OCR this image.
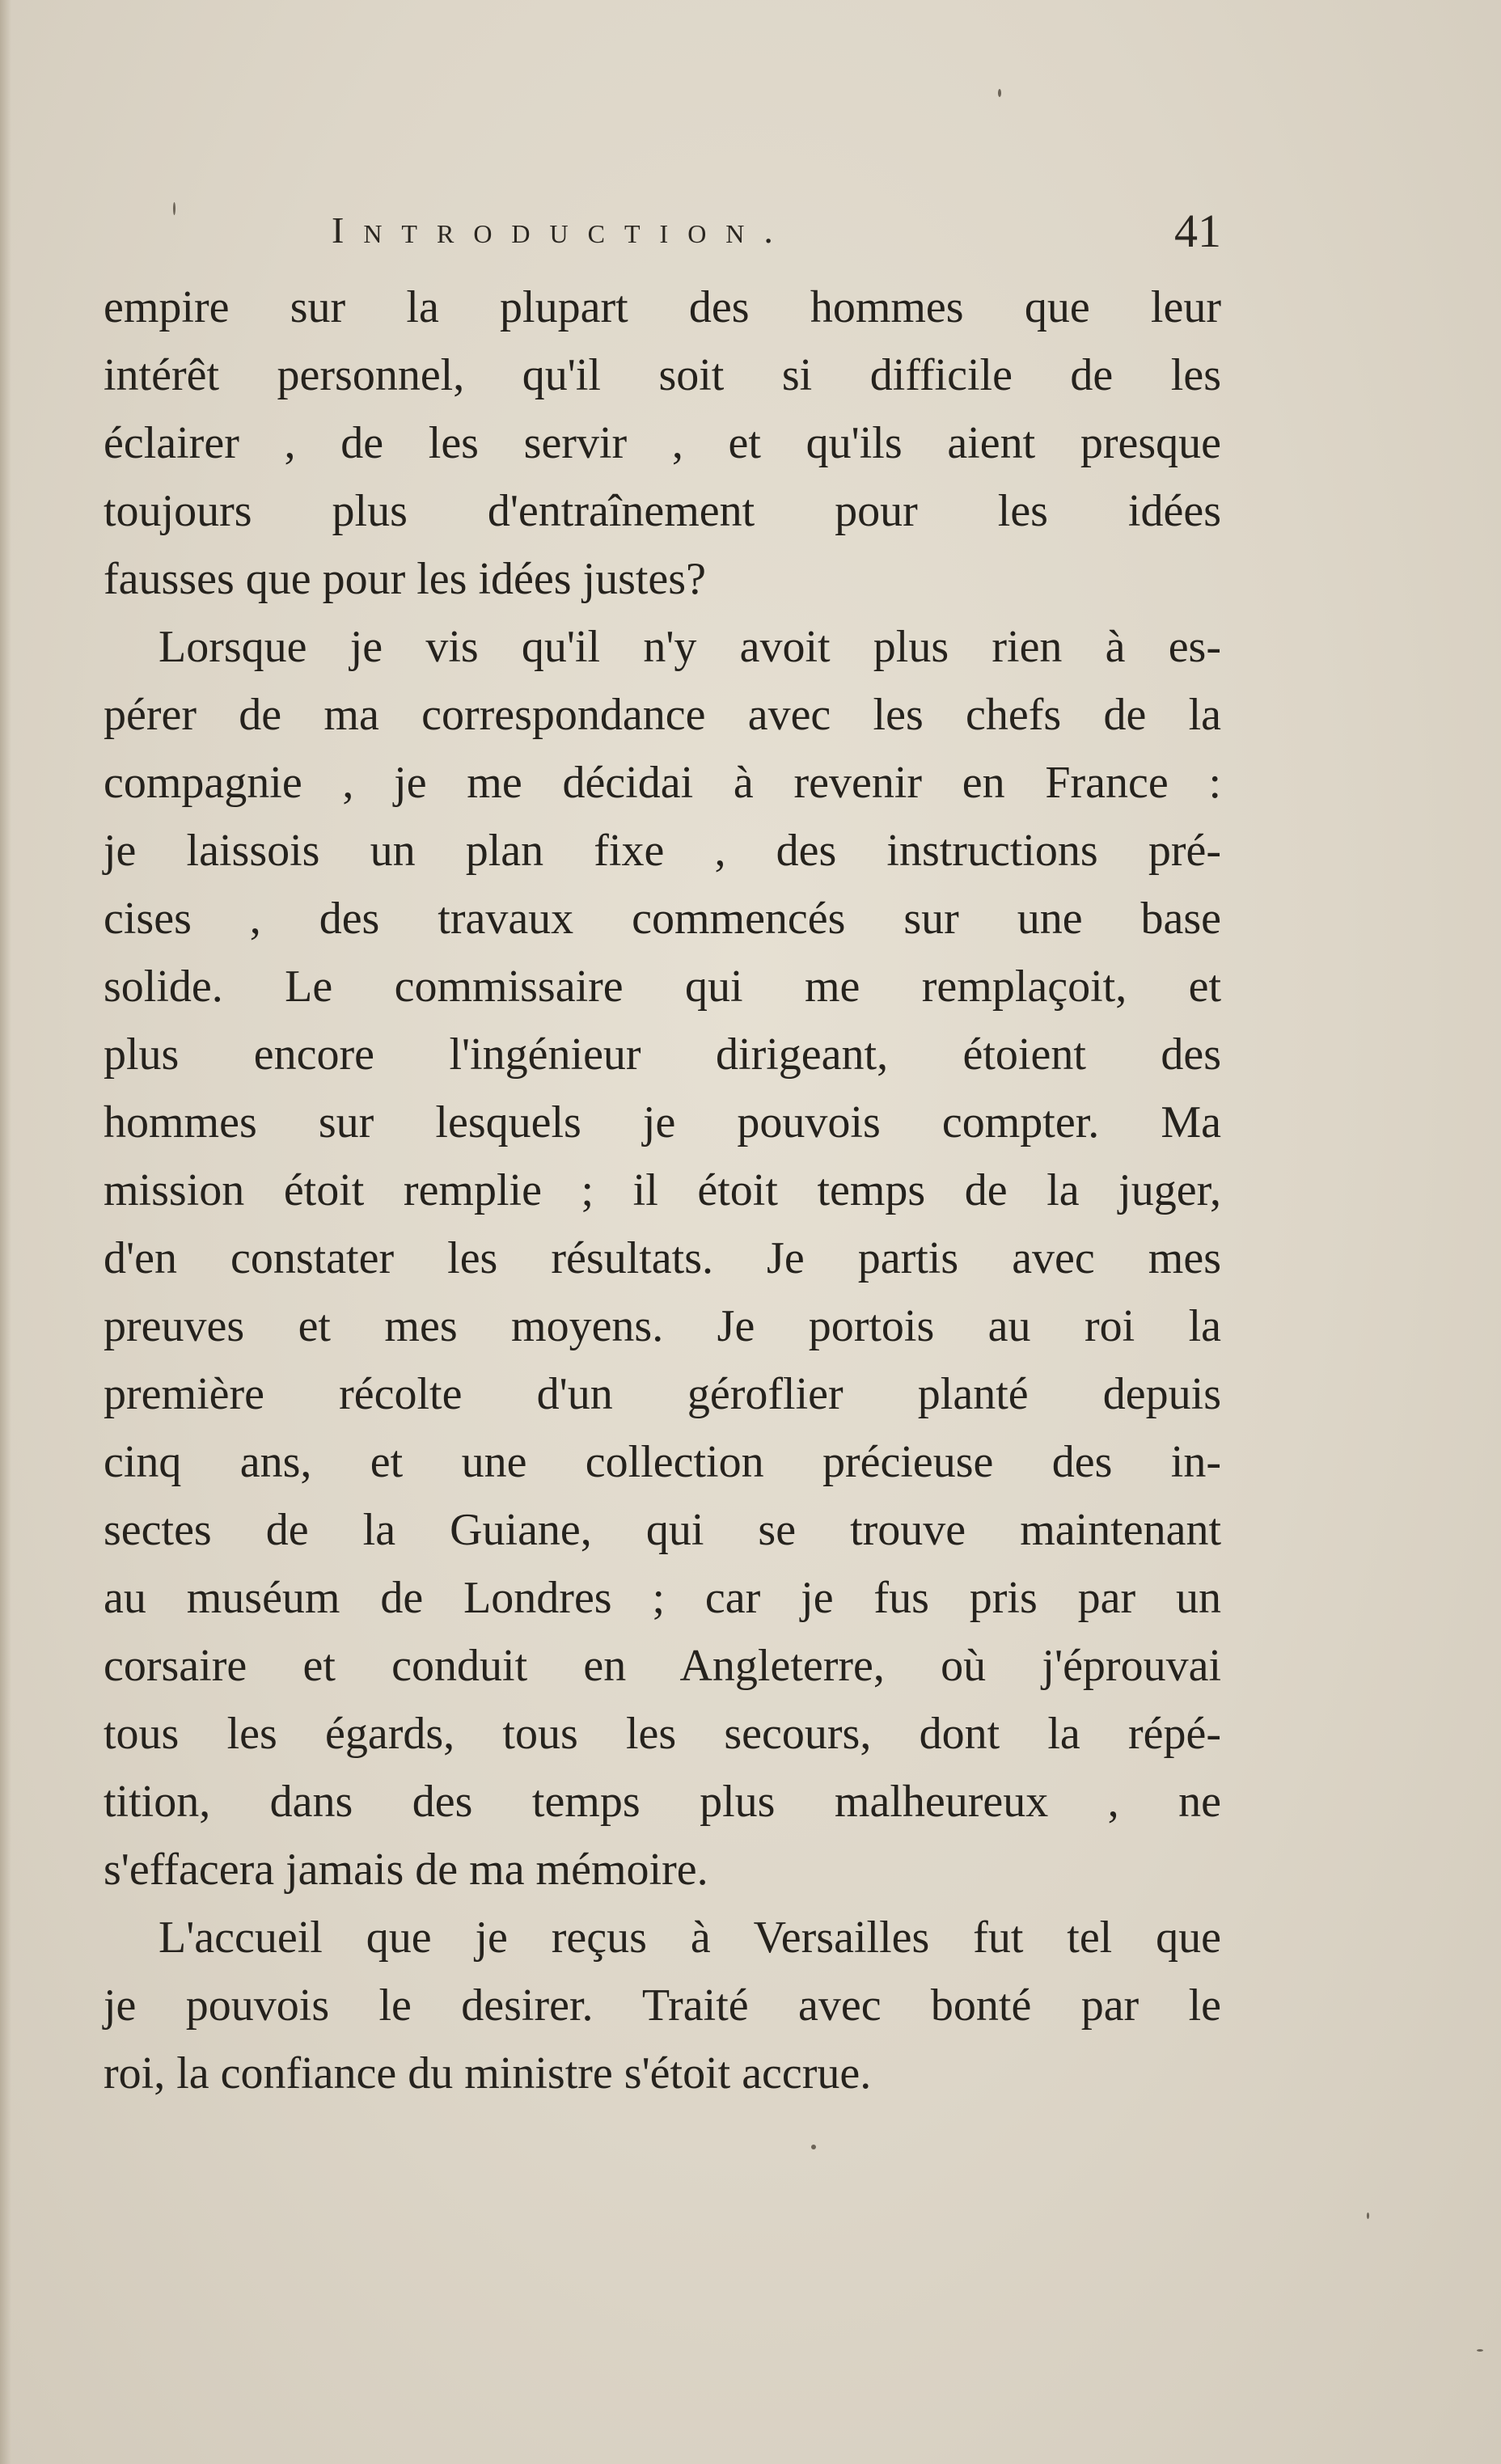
Introduction.	41
empire sur la plupart des hommes que leur
intérêt personnel, qu'il soit si difficile de les
éclairer , de les servir , et qu'ils aient presque
toujours plus d'entraînement pour les idées
fausses que pour les idées justes?
Lorsque je vis qu'il n'y avoit plus rien à es-
pérer de ma correspondance avec les chefs de la
compagnie , je me décidai à revenir en France :
je laissois un plan fixe , des instructions pré-
cises , des travaux commencés sur une base
solide. Le commissaire qui me remplaçoit, et
plus encore l'ingénieur dirigeant, étoient des
hommes sur lesquels je pouvois compter. Ma
mission étoit remplie ; il étoit temps de la juger,
d'en constater les résultats. Je partis avec mes
preuves et mes moyens. Je portois au roi la
première récolte d'un géroflier planté depuis
cinq ans, et une collection précieuse des in-
sectes de la Guiane, qui se trouve maintenant
au muséum de Londres ; car je fus pris par un
corsaire et conduit en Angleterre, où j'éprouvai
tous les égards, tous les secours, dont la répé-
tition, dans des temps plus malheureux , ne
s'effacera jamais de ma mémoire.
L'accueil que je reçus à Versailles fut tel que
je pouvois le desirer. Traité avec bonté par le
roi, la confiance du ministre s'étoit accrue.
